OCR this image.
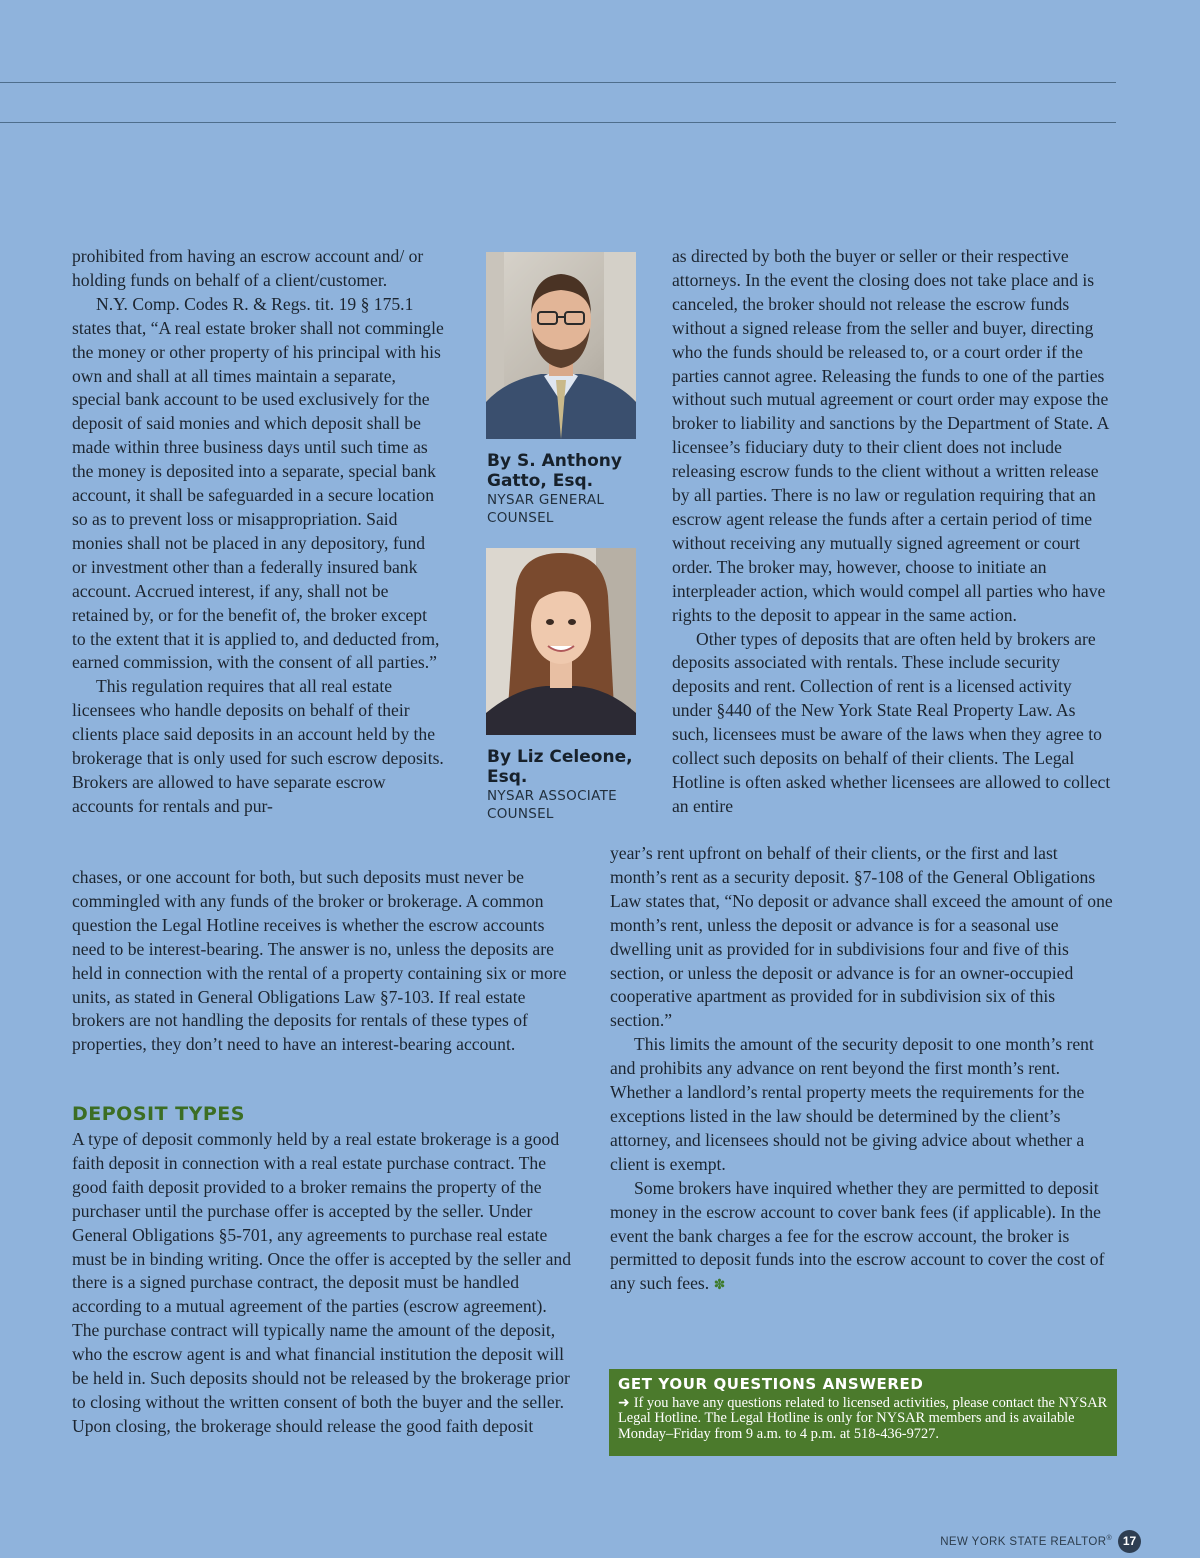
prohibited from having an escrow account and/ or holding funds on behalf of a client/customer.

N.Y. Comp. Codes R. & Regs. tit. 19 § 175.1 states that, “A real estate broker shall not commingle the money or other property of his principal with his own and shall at all times maintain a separate, special bank account to be used exclusively for the deposit of said monies and which deposit shall be made within three business days until such time as the money is deposited into a separate, special bank account, it shall be safeguarded in a secure location so as to prevent loss or misappropriation. Said monies shall not be placed in any depository, fund or investment other than a federally insured bank account. Accrued interest, if any, shall not be retained by, or for the benefit of, the broker except to the extent that it is applied to, and deducted from, earned commission, with the consent of all parties.”

This regulation requires that all real estate licensees who handle deposits on behalf of their clients place said deposits in an account held by the brokerage that is only used for such escrow deposits. Brokers are allowed to have separate escrow accounts for rentals and pur-

chases, or one account for both, but such deposits must never be commingled with any funds of the broker or brokerage. A common question the Legal Hotline receives is whether the escrow accounts need to be interest-bearing. The answer is no, unless the deposits are held in connection with the rental of a property containing six or more units, as stated in General Obligations Law §7-103. If real estate brokers are not handling the deposits for rentals of these types of properties, they don’t need to have an interest-bearing account.

DEPOSIT TYPES

A type of deposit commonly held by a real estate brokerage is a good faith deposit in connection with a real estate purchase contract. The good faith deposit provided to a broker remains the property of the purchaser until the purchase offer is accepted by the seller. Under General Obligations §5-701, any agreements to purchase real estate must be in binding writing. Once the offer is accepted by the seller and there is a signed purchase contract, the deposit must be handled according to a mutual agreement of the parties (escrow agreement). The purchase contract will typically name the amount of the deposit, who the escrow agent is and what financial institution the deposit will be held in. Such deposits should not be released by the brokerage prior to closing without the written consent of both the buyer and the seller. Upon closing, the brokerage should release the good faith deposit

By S. Anthony Gatto, Esq.

NYSAR GENERAL COUNSEL

By Liz Celeone, Esq.

NYSAR ASSOCIATE COUNSEL

as directed by both the buyer or seller or their respective attorneys. In the event the closing does not take place and is canceled, the broker should not release the escrow funds without a signed release from the seller and buyer, directing who the funds should be released to, or a court order if the parties cannot agree. Releasing the funds to one of the parties without such mutual agreement or court order may expose the broker to liability and sanctions by the Department of State. A licensee’s fiduciary duty to their client does not include releasing escrow funds to the client without a written release by all parties. There is no law or regulation requiring that an escrow agent release the funds after a certain period of time without receiving any mutually signed agreement or court order. The broker may, however, choose to initiate an interpleader action, which would compel all parties who have rights to the deposit to appear in the same action.

Other types of deposits that are often held by brokers are deposits associated with rentals. These include security deposits and rent. Collection of rent is a licensed activity under §440 of the New York State Real Property Law. As such, licensees must be aware of the laws when they agree to collect such deposits on behalf of their clients. The Legal Hotline is often asked whether licensees are allowed to collect an entire

year’s rent upfront on behalf of their clients, or the first and last month’s rent as a security deposit. §7-108 of the General Obligations Law states that, “No deposit or advance shall exceed the amount of one month’s rent, unless the deposit or advance is for a seasonal use dwelling unit as provided for in subdivisions four and five of this section, or unless the deposit or advance is for an owner-occupied cooperative apartment as provided for in subdivision six of this section.”

This limits the amount of the security deposit to one month’s rent and prohibits any advance on rent beyond the first month’s rent. Whether a landlord’s rental property meets the requirements for the exceptions listed in the law should be determined by the client’s attorney, and licensees should not be giving advice about whether a client is exempt.

Some brokers have inquired whether they are permitted to deposit money in the escrow account to cover bank fees (if applicable). In the event the bank charges a fee for the escrow account, the broker is permitted to deposit funds into the escrow account to cover the cost of any such fees. ✽

GET YOUR QUESTIONS ANSWERED

➜ If you have any questions related to licensed activities, please contact the NYSAR Legal Hotline. The Legal Hotline is only for NYSAR members and is available Monday–Friday from 9 a.m. to 4 p.m. at 518-436-9727.

NEW YORK STATE REALTOR® 17
